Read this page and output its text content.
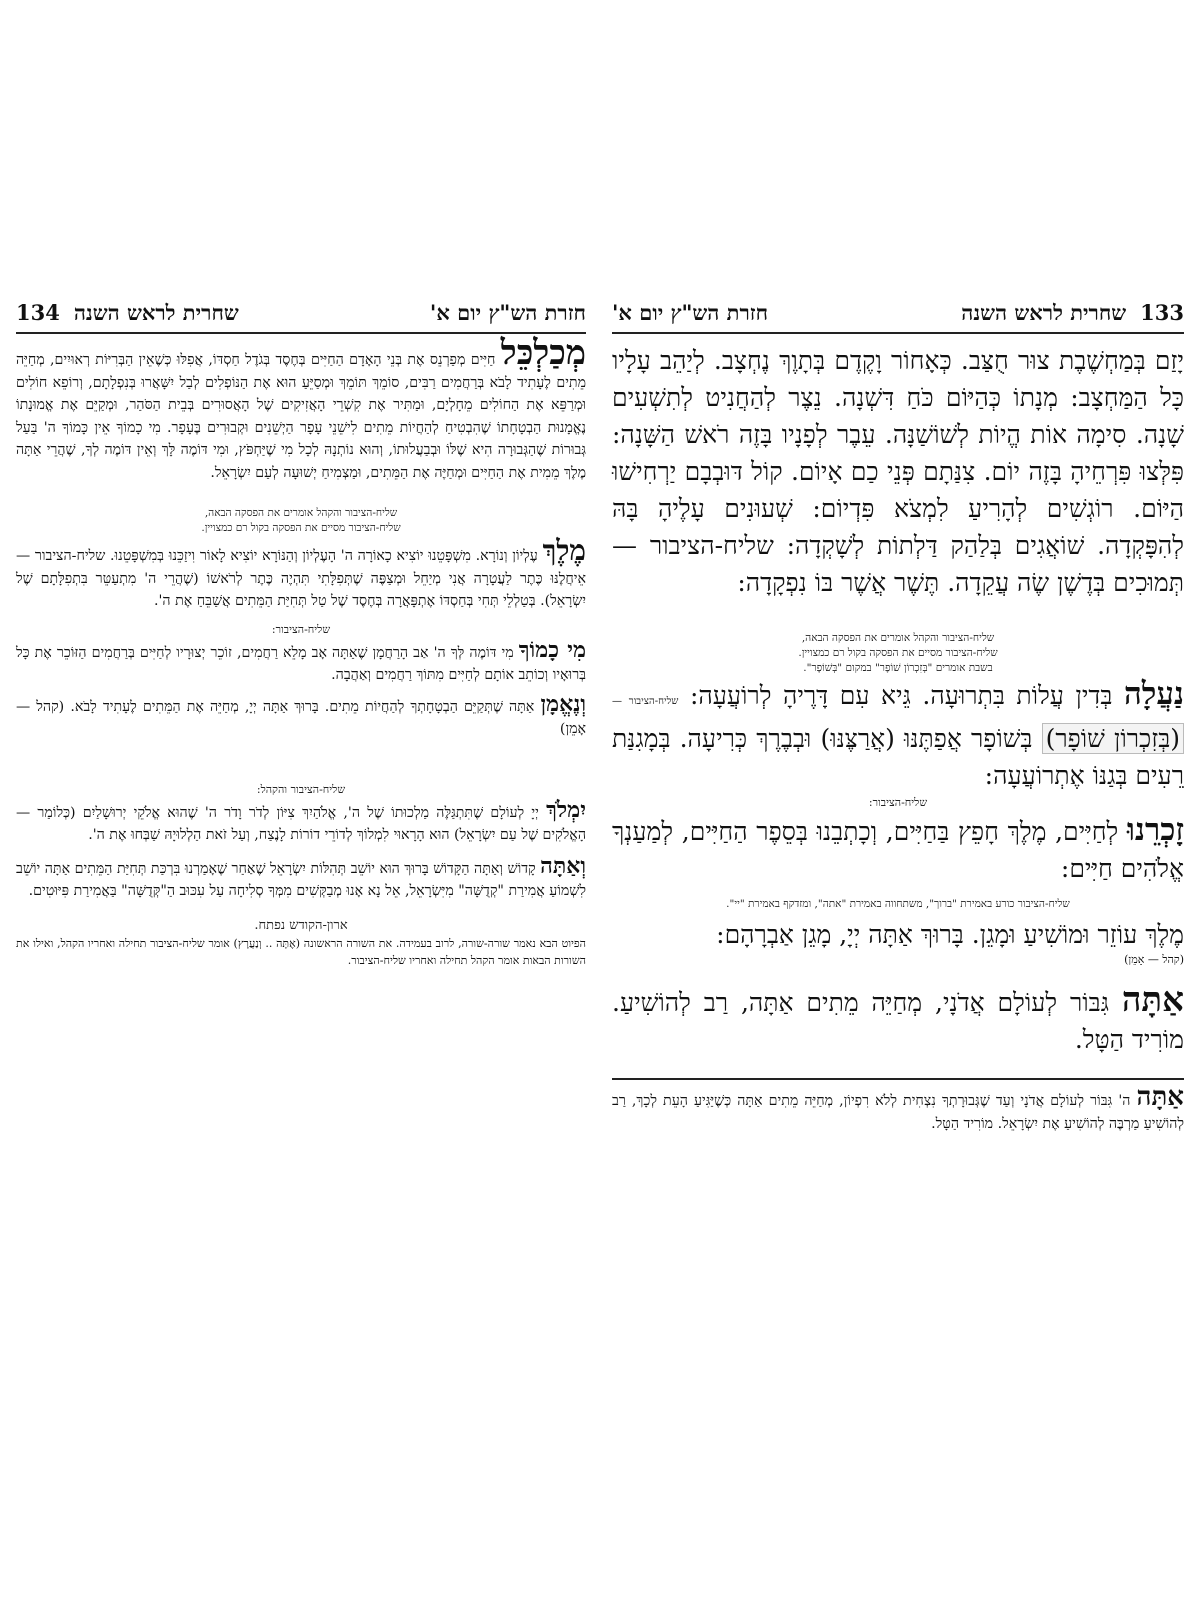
חזרת הש"ץ יום א'
שחרית לראש השנה
134

מְכַלְכֵּל חַיִּים מְפַרְנֵס אֶת בְּנֵי הָאָדָם הַחַיִּים בְּחֶסֶד בְּגֹדֶל חַסְדּוֹ, אֲפִלּוּ כְּשֶׁאֵין הַבְּרִיּוֹת רְאוּיִים, מְחַיֵּה מֵתִים לֶעָתִיד לָבֹא בְּרַחֲמִים רַבִּים, סוֹמֵךְ תּוֹמֵךְ וּמְסַיֵּעַ הוּא אֶת הַנּוֹפְלִים לְבַל יִשָּׁאֲרוּ בְּנִפְלָתָם, וְרוֹפֵא חוֹלִים וּמְרַפֵּא אֶת הַחוֹלִים מֵחָלְיָם, וּמַתִּיר אֶת קִשְׁרֵי הָאֲזִיקִים שֶׁל הָאֲסוּרִים בְּבֵית הַסֹּהַר, וּמְקַיֵּם אֶת אֱמוּנָתוֹ נֶאֱמָנוּת הַבְטָחָתוֹ שֶׁהִבְטִיחַ לְהַחֲיוֹת מֵתִים לִישֵׁנֵי עָפָר הַיְשֵׁנִים וּקְבוּרִים בֶּעָפָר. מִי כָמוֹךָ אֵין כָּמוֹךָ ה' בַּעַל גְּבוּרוֹת שֶׁהַגְּבוּרָה הִיא שֶׁלּוֹ וּבְבַעֲלוּתוֹ, וְהוּא נוֹתְנָהּ לְכָל מִי שֶׁיַּחְפֹּץ, וּמִי דּוֹמֶה לָּךְ וְאֵין דּוֹמֶה לְךָ, שֶׁהֲרֵי אַתָּה מֶלֶךְ מֵמִית אֶת הַחַיִּים וּמְחַיֶּה אֶת הַמֵּתִים, וּמַצְמִיחַ יְשׁוּעָה לְעַם יִשְׂרָאֵל.

שליח-הציבור והקהל אומרים את הפסקה הבאה,
שליח-הציבור מסיים את הפסקה בקול רם כמצויין.

מֶלֶךְ עֶלְיוֹן וְנוֹרָא. מִשְׁפָּטֵנוּ יוֹצִיא כָאוֹרָה ה' הָעֶלְיוֹן וְהַנּוֹרָא יוֹצִיא לָאוֹר וִיזַכֵּנוּ בְּמִשְׁפָּטֵנוּ. שליח-הציבור — אֵיחֲלֶנּוּ כֶּתֶר לַעֲטָרָה אֲנִי מְיַחֵל וּמְצַפֶּה שֶׁתְּפִלָּתִי תִּהְיֶה כֶּתֶר לְרֹאשׁוֹ (שֶׁהֲרֵי ה' מִתְעַטֵּר בִּתְפִלָּתָם שֶׁל יִשְׂרָאֵל). בְּטַלְלֵי תְּחִי בְּחַסְדּוֹ אֶתְפָּאֲרָה בְּחֶסֶד שֶׁל טַל תְּחִיַּת הַמֵּתִים אֲשַׁבֵּחַ אֶת ה'.

שליח-הציבור:

מִי כָמוֹךָ מִי דּוֹמֶה לְּךָ ה' אַב הָרַחֲמָן שֶׁאַתָּה אָב מָלֵא רַחֲמִים, זוֹכֵר יְצוּרָיו לְחַיִּים בְּרַחֲמִים הַזּוֹכֵר אֶת כָּל בְּרוּאָיו וְכוֹתֵב אוֹתָם לְחַיִּים מִתּוֹךְ רַחֲמִים וְאַהֲבָה.

וְנֶאֱמָן אַתָּה שֶׁתְּקַיֵּם הַבְטָחָתְךָ לְהַחֲיוֹת מֵתִים. בָּרוּךְ אַתָּה יְיָ, מְחַיֵּה אֶת הַמֵּתִים לֶעָתִיד לָבֹא. (קהל — אָמֵן)

שליח-הציבור והקהל:

יִמְלֹךְ יְיָ לְעוֹלָם שֶׁתִּתְגַּלֶּה מַלְכוּתוֹ שֶׁל ה', אֱלֹהַיִךְ צִיּוֹן לְדֹר וָדֹר ה' שֶׁהוּא אֱלֹקֵי יְרוּשָׁלַיִם (כְּלוֹמַר — הָאֱלֹקִים שֶׁל עַם יִשְׂרָאֵל) הוּא הָרָאוּי לִמְלוֹךְ לְדוֹרֵי דוֹרוֹת לָנֶצַח, וְעַל זֹאת הַלְלוּיָהּ שַׁבְּחוּ אֶת ה'.

וְאַתָּה קָדוֹשׁ וְאַתָּה הַקָּדוֹשׁ בָּרוּךְ הוּא יוֹשֵׁב תְּהִלּוֹת יִשְׂרָאֵל שֶׁאַחַר שֶׁאָמַרְנוּ בִּרְכַּת תְּחִיַּת הַמֵּתִים אַתָּה יוֹשֵׁב לִשְׁמוֹעַ אֲמִירַת "קְדֻשָּׁה" מִיִּשְׂרָאֵל, אֵל נָא אָנוּ מְבַקְּשִׁים מִמְּךָ סְלִיחָה עַל עִכּוּב הַ"קְּדֻשָּׁה" בַּאֲמִירַת פִּיּוּטִים.

ארון-הקודש נפתח.

הפיוט הבא נאמר שורה-שורה, לרוב בעמידה. את השורה הראשונה (אֶתָּה .. וְנַעֲרָץ) אומר שליח-הציבור תחילה ואחריו הקהל, ואילו את השורות הבאות אומר הקהל תחילה ואחריו שליח-הציבור.

133
שחרית לראש השנה
חזרת הש"ץ יום א'

יָזַם בְּמַחְשֶׁבֶת צוּר חֻצַּב. כְּאָחוֹר וָקֶדֶם בְּתָוֶךְ נֶחְצָב. לְיַהֵב עָלָיו כָּל הַמַּחְצָב: מְנָתוֹ כְּהַיּוֹם כֹּחַ דִּשְׁנָה. נֵצֶר לְהַחֲנִיט לְתִשְׁעִים שָׁנָה. סִימָה אוֹת הֱיוֹת לְשׁוֹשַׁנָּה. עֵבֶר לְפָנָיו בָּזֶה רֹאשׁ הַשָּׁנָה: פִּלְּצוּ פִּרְחֵיהָ בָּזֶה יוֹם. צִנַּתָם פְּנֵי כַם אָיוֹם. קוֹל דּוּבְבָם יַרְחִישׁוּ הַיּוֹם. רוֹגְשִׁים לְהָרִיעַ לִמְצֹא פִּדְיוֹם: שְׁעוּנִים עָלֶיהָ בָּהּ לְהִפָּקְדָה. שׁוֹאֲגִים בְּלַהַק דַּלְתוֹת לְשָׁקְדָה: שליח-הציבור — תְּמוּכִים בְּדֶשֶׁן שֶׂה עֲקֵדָה. תֶּשֶׁר אֲשֶׁר בּוֹ נִפְקָדָה:

שליח-הציבור והקהל אומרים את הפסקה הבאה,
שליח-הציבור מסיים את הפסקה בקול רם כמצויין.
בשבת אומרים "בְּזִכְרוֹן שׁוֹפָר" במקום "בְּשׁוֹפָר".

נַעֲלָה בְּדִין עֲלוֹת בִּתְרוּעָה. גֵּיא עִם דָּרֶיהָ לְרוֹעֲעָה: שליח-הציבור —(בְּזִכְרוֹן שׁוֹפָר) בְּשׁוֹפָר אֲפַתֶּנּוּ (אֲרַצֶּנּוּ) וּבְבֶרֶךְ כְּרִיעָה. בְּמָגִנַּת רֵעִים בְּגַנּוֹ אֶתְרוֹעֲעָה:

שליח-הציבור:

זָכְרֵנוּ לְחַיִּים, מֶלֶךְ חָפֵץ בַּחַיִּים, וְכָתְבֵנוּ בְּסֵפֶר הַחַיִּים, לְמַעַנְךָ אֱלֹהִים חַיִּים:

שליח-הציבור כורע באמירת "ברוך", משתחווה באמירת "אתה", ומזדקף באמירת "יי".

מֶלֶךְ עוֹזֵר וּמוֹשִׁיעַ וּמָגֵן. בָּרוּךְ אַתָּה יְיָ, מָגֵן אַבְרָהָם:

(קהל — אָמֵן)

אַתָּה גִּבּוֹר לְעוֹלָם אֲדֹנָי, מְחַיֵּה מֵתִים אַתָּה, רַב לְהוֹשִׁיעַ. מוֹרִיד הַטָּל.

אַתָּה ה' גִּבּוֹר לְעוֹלָם אֲדֹנָי וְעַד שֶׁגְּבוּרָתְךָ נִצְחִית לְלֹא רִפְיוֹן, מְחַיֵּה מֵתִים אַתָּה כְּשֶׁיַּגִּיעַ הָעֵת לְכָךְ, רַב לְהוֹשִׁיעַ מַרְבֶּה לְהוֹשִׁיעַ אֶת יִשְׂרָאֵל. מוֹרִיד הַטָּל.
